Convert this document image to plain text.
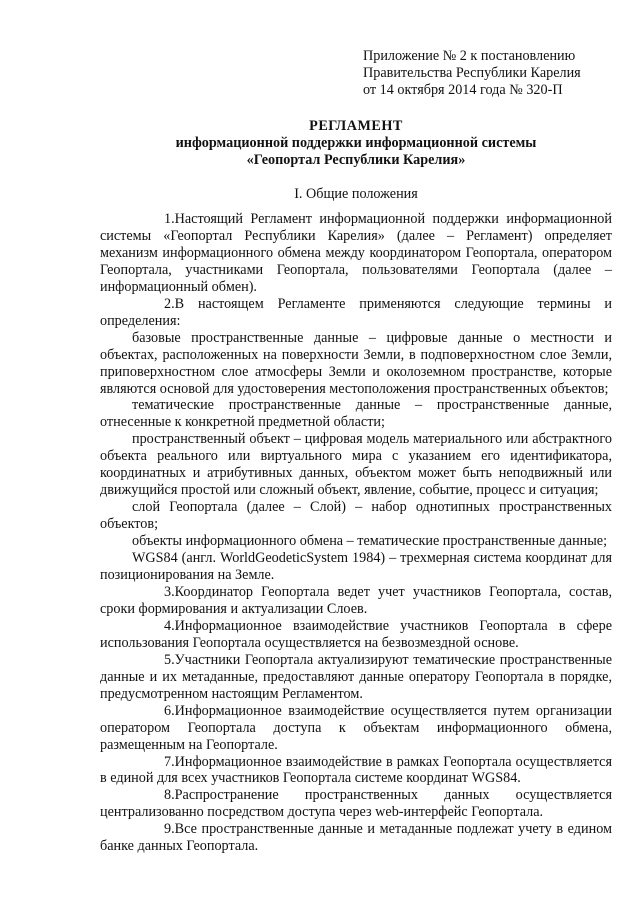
Приложение № 2 к постановлению
Правительства Республики Карелия
от 14 октября 2014 года № 320-П
РЕГЛАМЕНТ
информационной поддержки информационной системы
«Геопортал Республики Карелия»
I. Общие положения

1.Настоящий Регламент информационной поддержки информационной системы «Геопортал Республики Карелия» (далее – Регламент) определяет механизм информационного обмена между координатором Геопортала, оператором Геопортала, участниками Геопортала, пользователями Геопортала (далее – информационный обмен).

2.В настоящем Регламенте применяются следующие термины и определения:

базовые пространственные данные – цифровые данные о местности и объектах, расположенных на поверхности Земли, в подповерхностном слое Земли, приповерхностном слое атмосферы Земли и околоземном пространстве, которые являются основой для удостоверения местоположения пространственных объектов;

тематические пространственные данные – пространственные данные, отнесенные к конкретной предметной области;

пространственный объект – цифровая модель материального или абстрактного объекта реального или виртуального мира с указанием его идентификатора, координатных и атрибутивных данных, объектом может быть неподвижный или движущийся простой или сложный объект, явление, событие, процесс и ситуация;

слой Геопортала (далее – Слой) – набор однотипных пространственных объектов;

объекты информационного обмена – тематические пространственные данные;

WGS84 (англ. WorldGeodeticSystem 1984) – трехмерная система координат для позиционирования на Земле.

3.Координатор Геопортала ведет учет участников Геопортала, состав, сроки формирования и актуализации Слоев.

4.Информационное взаимодействие участников Геопортала в сфере использования Геопортала осуществляется на безвозмездной основе.

5.Участники Геопортала актуализируют тематические пространственные данные и их метаданные, предоставляют данные оператору Геопортала в порядке, предусмотренном настоящим Регламентом.

6.Информационное взаимодействие осуществляется путем организации оператором Геопортала доступа к объектам информационного обмена, размещенным на Геопортале.

7.Информационное взаимодействие в рамках Геопортала осуществляется в единой для всех участников Геопортала системе координат WGS84.

8.Распространение пространственных данных осуществляется централизованно посредством доступа через web-интерфейс Геопортала.

9.Все пространственные данные и метаданные подлежат учету в едином банке данных Геопортала.
